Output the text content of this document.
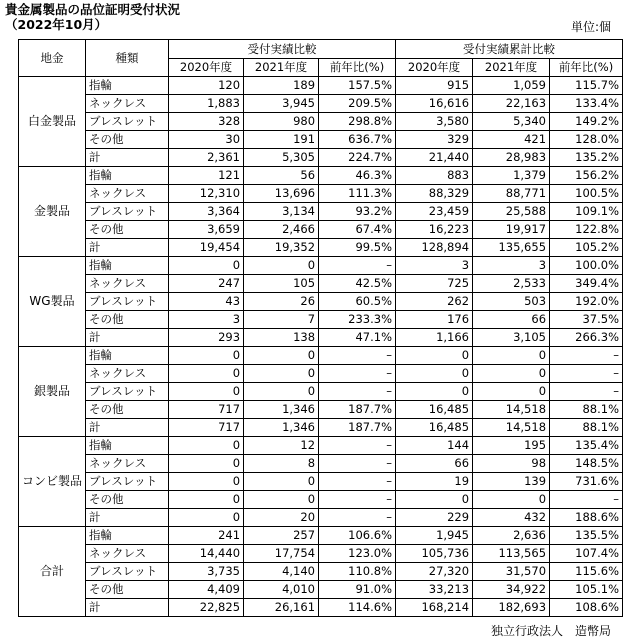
貴金属製品の品位証明受付状況
（2022年10月）	単位:個
地金	種類	受付実績比較			受付実績累計比較		
		2020年度	2021年度	前年比(%)	2020年度	2021年度	前年比(%)
白金製品	指輪	120	189	157.5%	915	1,059	115.7%
	ネックレス	1,883	3,945	209.5%	16,616	22,163	133.4%
	ブレスレット	328	980	298.8%	3,580	5,340	149.2%
	その他	30	191	636.7%	329	421	128.0%
	計	2,361	5,305	224.7%	21,440	28,983	135.2%
金製品	指輪	121	56	46.3%	883	1,379	156.2%
	ネックレス	12,310	13,696	111.3%	88,329	88,771	100.5%
	ブレスレット	3,364	3,134	93.2%	23,459	25,588	109.1%
	その他	3,659	2,466	67.4%	16,223	19,917	122.8%
	計	19,454	19,352	99.5%	128,894	135,655	105.2%
WG製品	指輪	0	0	–	3	3	100.0%
	ネックレス	247	105	42.5%	725	2,533	349.4%
	ブレスレット	43	26	60.5%	262	503	192.0%
	その他	3	7	233.3%	176	66	37.5%
	計	293	138	47.1%	1,166	3,105	266.3%
銀製品	指輪	0	0	–	0	0	–
	ネックレス	0	0	–	0	0	–
	ブレスレット	0	0	–	0	0	–
	その他	717	1,346	187.7%	16,485	14,518	88.1%
	計	717	1,346	187.7%	16,485	14,518	88.1%
コンビ製品	指輪	0	12	–	144	195	135.4%
	ネックレス	0	8	–	66	98	148.5%
	ブレスレット	0	0	–	19	139	731.6%
	その他	0	0	–	0	0	–
	計	0	20	–	229	432	188.6%
合計	指輪	241	257	106.6%	1,945	2,636	135.5%
	ネックレス	14,440	17,754	123.0%	105,736	113,565	107.4%
	ブレスレット	3,735	4,140	110.8%	27,320	31,570	115.6%
	その他	4,409	4,010	91.0%	33,213	34,922	105.1%
	計	22,825	26,161	114.6%	168,214	182,693	108.6%
独立行政法人　造幣局
